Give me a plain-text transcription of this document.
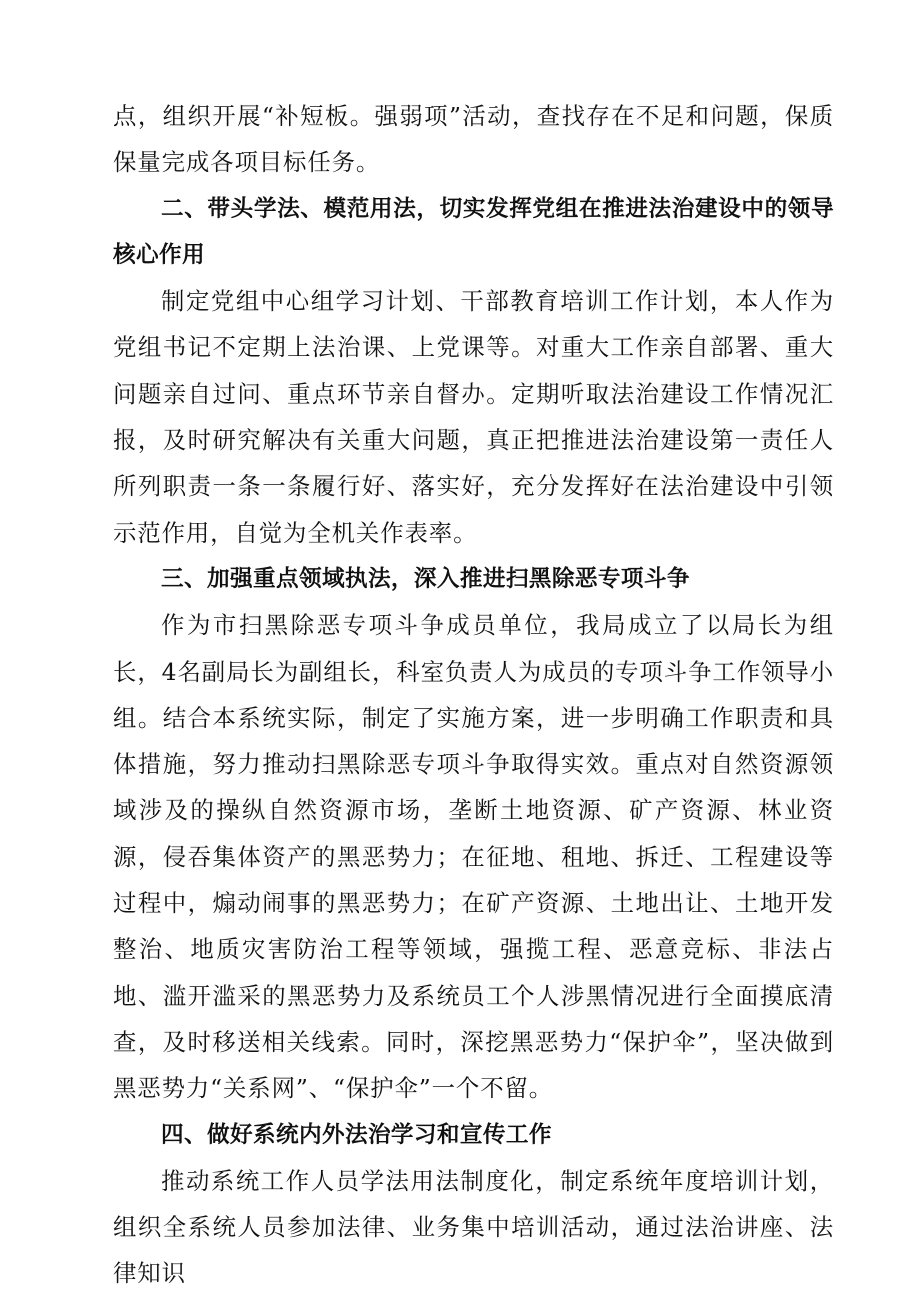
点，组织开展“补短板。强弱项”活动，查找存在不足和问题，保质保量完成各项目标任务。

二、带头学法、模范用法，切实发挥党组在推进法治建设中的领导核心作用

制定党组中心组学习计划、干部教育培训工作计划，本人作为党组书记不定期上法治课、上党课等。对重大工作亲自部署、重大问题亲自过问、重点环节亲自督办。定期听取法治建设工作情况汇报，及时研究解决有关重大问题，真正把推进法治建设第一责任人所列职责一条一条履行好、落实好，充分发挥好在法治建设中引领示范作用，自觉为全机关作表率。

三、加强重点领域执法，深入推进扫黑除恶专项斗争

作为市扫黑除恶专项斗争成员单位，我局成立了以局长为组长，4名副局长为副组长，科室负责人为成员的专项斗争工作领导小组。结合本系统实际，制定了实施方案，进一步明确工作职责和具体措施，努力推动扫黑除恶专项斗争取得实效。重点对自然资源领域涉及的操纵自然资源市场，垄断土地资源、矿产资源、林业资源，侵吞集体资产的黑恶势力；在征地、租地、拆迁、工程建设等过程中，煽动闹事的黑恶势力；在矿产资源、土地出让、土地开发整治、地质灾害防治工程等领域，强揽工程、恶意竞标、非法占地、滥开滥采的黑恶势力及系统员工个人涉黑情况进行全面摸底清查，及时移送相关线索。同时，深挖黑恶势力“保护伞”，坚决做到黑恶势力“关系网”、“保护伞”一个不留。

四、做好系统内外法治学习和宣传工作

推动系统工作人员学法用法制度化，制定系统年度培训计划，组织全系统人员参加法律、业务集中培训活动，通过法治讲座、法律知识
